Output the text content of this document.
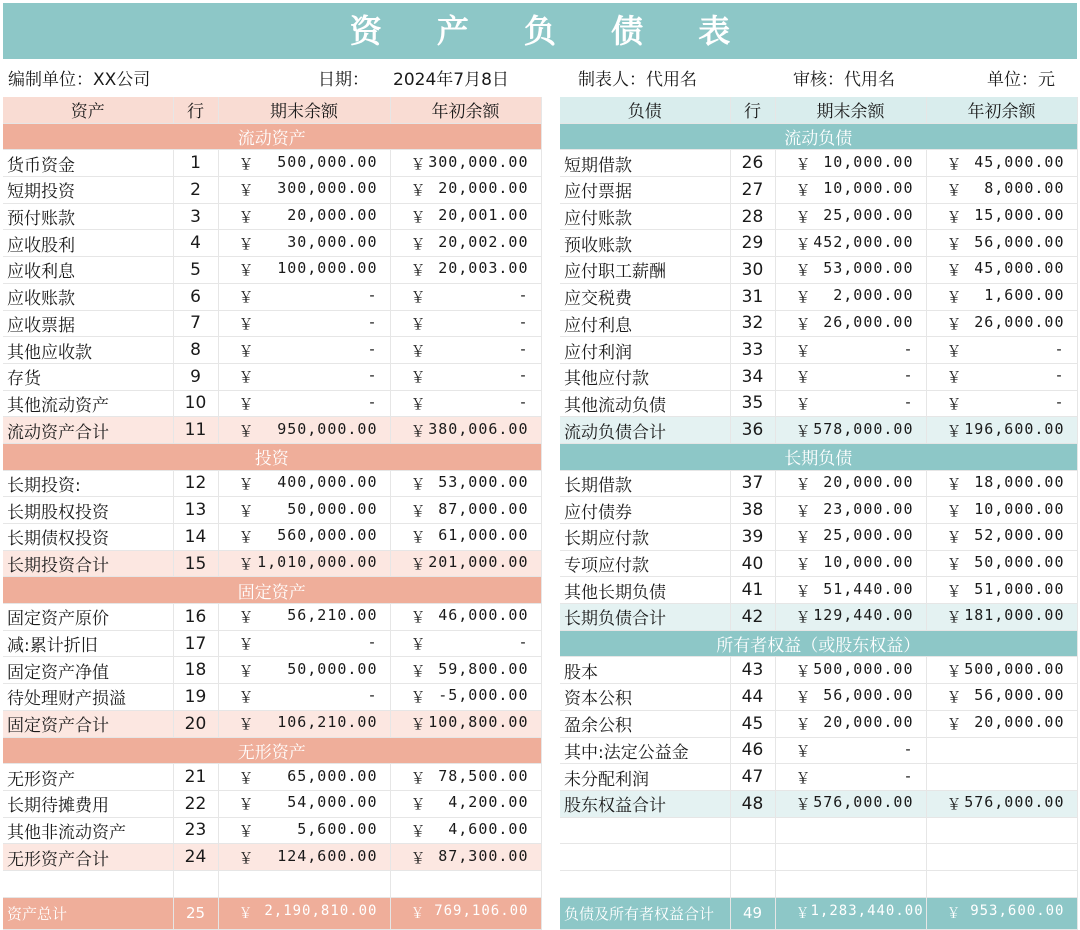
资 产 负 债 表
编制单位：XX公司	日期： 2024年7月8日	制表人：代用名	审核：代用名	单位：元
资产	行	期末余额	年初余额
流动资产			
货币资金	1	￥ 500,000.00	￥ 300,000.00

短期投资	2	￥ 300,000.00	￥ 20,000.00

预付账款	3	￥ 20,000.00	￥ 20,001.00

应收股利	4	￥ 30,000.00	￥ 20,002.00

应收利息	5	￥ 100,000.00	￥ 20,003.00

应收账款	6	￥ -	￥ -

应收票据	7	￥ -	￥ -

其他应收款	8	￥ -	￥ -

存货	9	￥ -	￥ -

其他流动资产	10	￥ -	￥ -

流动资产合计	11	￥ 950,000.00	￥ 380,006.00

投资			
长期投资:	12	￥ 400,000.00	￥ 53,000.00

长期股权投资	13	￥ 50,000.00	￥ 87,000.00

长期债权投资	14	￥ 560,000.00	￥ 61,000.00

长期投资合计	15	￥ 1,010,000.00	￥ 201,000.00

固定资产			
固定资产原价	16	￥ 56,210.00	￥ 46,000.00

减:累计折旧	17	￥ -	￥ -

固定资产净值	18	￥ 50,000.00	￥ 59,800.00

待处理财产损溢	19	￥ -	￥ -5,000.00

固定资产合计	20	￥ 106,210.00	￥ 100,800.00

无形资产			
无形资产	21	￥ 65,000.00	￥ 78,500.00

长期待摊费用	22	￥ 54,000.00	￥ 4,200.00

其他非流动资产	23	￥ 5,600.00	￥ 4,600.00

无形资产合计	24	￥ 124,600.00	￥ 87,300.00

资产总计	25	￥ 2,190,810.00	￥ 769,106.00
负债	行	期末余额	年初余额
流动负债			
短期借款	26	￥ 10,000.00	￥ 45,000.00

应付票据	27	￥ 10,000.00	￥ 8,000.00

应付账款	28	￥ 25,000.00	￥ 15,000.00

预收账款	29	￥ 452,000.00	￥ 56,000.00

应付职工薪酬	30	￥ 53,000.00	￥ 45,000.00

应交税费	31	￥ 2,000.00	￥ 1,600.00

应付利息	32	￥ 26,000.00	￥ 26,000.00

应付利润	33	￥ -	￥ -

其他应付款	34	￥ -	￥ -

其他流动负债	35	￥ -	￥ -

流动负债合计	36	￥ 578,000.00	￥ 196,600.00

长期负债			
长期借款	37	￥ 20,000.00	￥ 18,000.00

应付债券	38	￥ 23,000.00	￥ 10,000.00

长期应付款	39	￥ 25,000.00	￥ 52,000.00

专项应付款	40	￥ 10,000.00	￥ 50,000.00

其他长期负债	41	￥ 51,440.00	￥ 51,000.00

长期负债合计	42	￥ 129,440.00	￥ 181,000.00

所有者权益（或股东权益）			
股本	43	￥ 500,000.00	￥ 500,000.00

资本公积	44	￥ 56,000.00	￥ 56,000.00

盈余公积	45	￥ 20,000.00	￥ 20,000.00

其中:法定公益金	46	￥ -	

未分配利润	47	￥ -	

股东权益合计	48	￥ 576,000.00	￥ 576,000.00

负债及所有者权益合计	49	￥ 1,283,440.00	￥ 953,600.00
